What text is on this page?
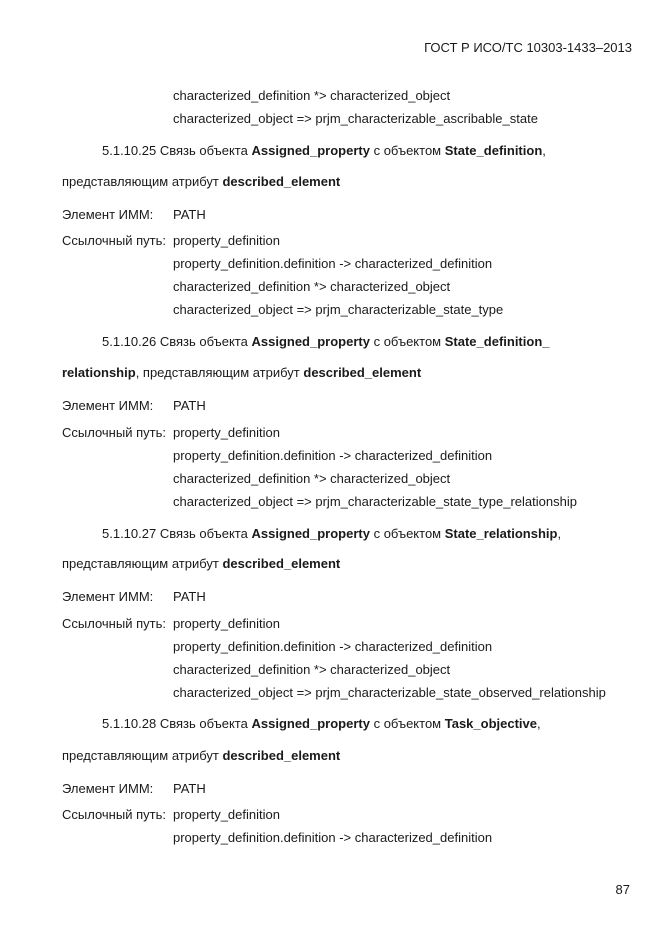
ГОСТ Р ИСО/ТС 10303-1433–2013
characterized_definition *> characterized_object
characterized_object => prjm_characterizable_ascribable_state
5.1.10.25 Связь объекта Assigned_property с объектом State_definition,
представляющим атрибут described_element
Элемент ИММ: PATH
Ссылочный путь: property_definition
property_definition.definition -> characterized_definition
characterized_definition *> characterized_object
characterized_object => prjm_characterizable_state_type
5.1.10.26 Связь объекта Assigned_property с объектом State_definition_
relationship, представляющим атрибут described_element
Элемент ИММ: PATH
Ссылочный путь: property_definition
property_definition.definition -> characterized_definition
characterized_definition *> characterized_object
characterized_object => prjm_characterizable_state_type_relationship
5.1.10.27 Связь объекта Assigned_property с объектом State_relationship,
представляющим атрибут described_element
Элемент ИММ: PATH
Ссылочный путь: property_definition
property_definition.definition -> characterized_definition
characterized_definition *> characterized_object
characterized_object => prjm_characterizable_state_observed_relationship
5.1.10.28 Связь объекта Assigned_property с объектом Task_objective,
представляющим атрибут described_element
Элемент ИММ: PATH
Ссылочный путь: property_definition
property_definition.definition -> characterized_definition
87
